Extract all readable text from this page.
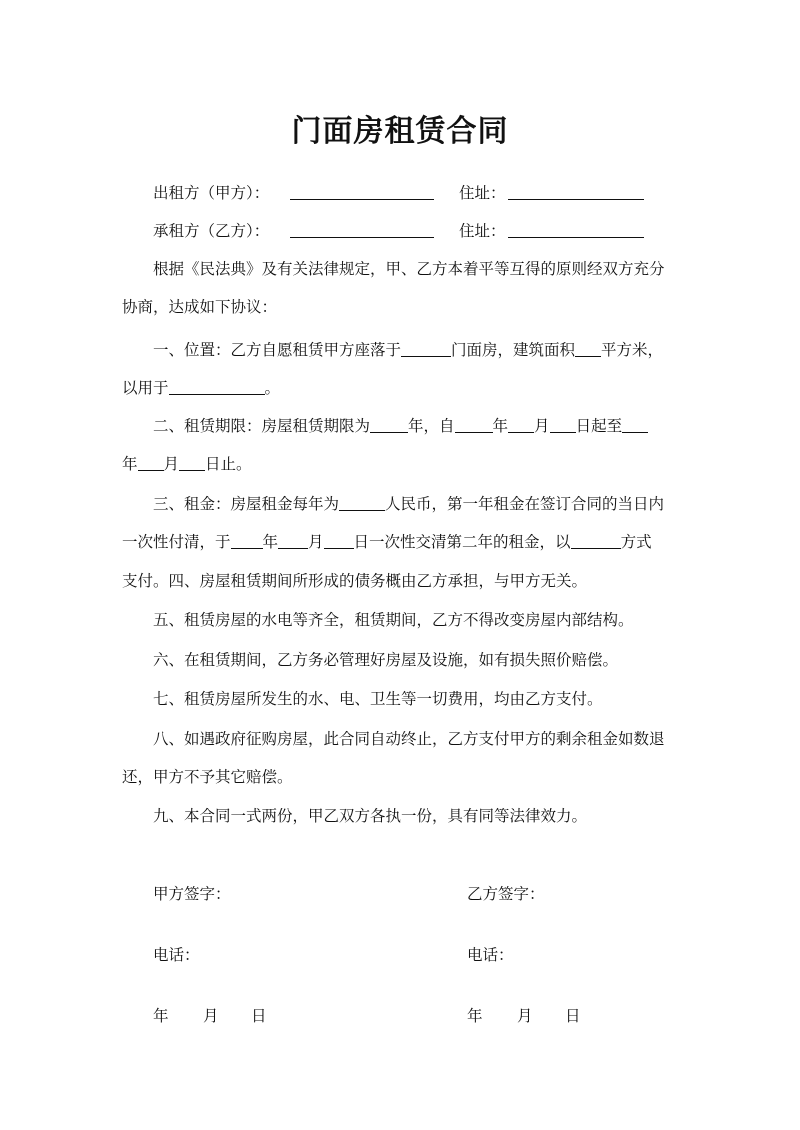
门面房租赁合同
出租方（甲方）：	住址：
承租方（乙方）：	住址：
根据《民法典》及有关法律规定，甲、乙方本着平等互得的原则经双方充分
协商，达成如下协议：
一、位置：乙方自愿租赁甲方座落于	门面房，建筑面积 平方米，
以用于	。
二、租赁期限：房屋租赁期限为 年，自 年 月 日起至
年 月 日止。
三、租金：房屋租金每年为	人民币，第一年租金在签订合同的当日内
一次性付清，于 年 月 日一次性交清第二年的租金，以	方式
支付。四、房屋租赁期间所形成的债务概由乙方承担，与甲方无关。
五、租赁房屋的水电等齐全，租赁期间，乙方不得改变房屋内部结构。
六、在租赁期间，乙方务必管理好房屋及设施，如有损失照价赔偿。
七、租赁房屋所发生的水、电、卫生等一切费用，均由乙方支付。
八、如遇政府征购房屋，此合同自动终止，乙方支付甲方的剩余租金如数退
还，甲方不予其它赔偿。
九、本合同一式两份，甲乙双方各执一份，具有同等法律效力。
甲方签字：	乙方签字：
电话：	电话：
年 月 日	年 月 日
